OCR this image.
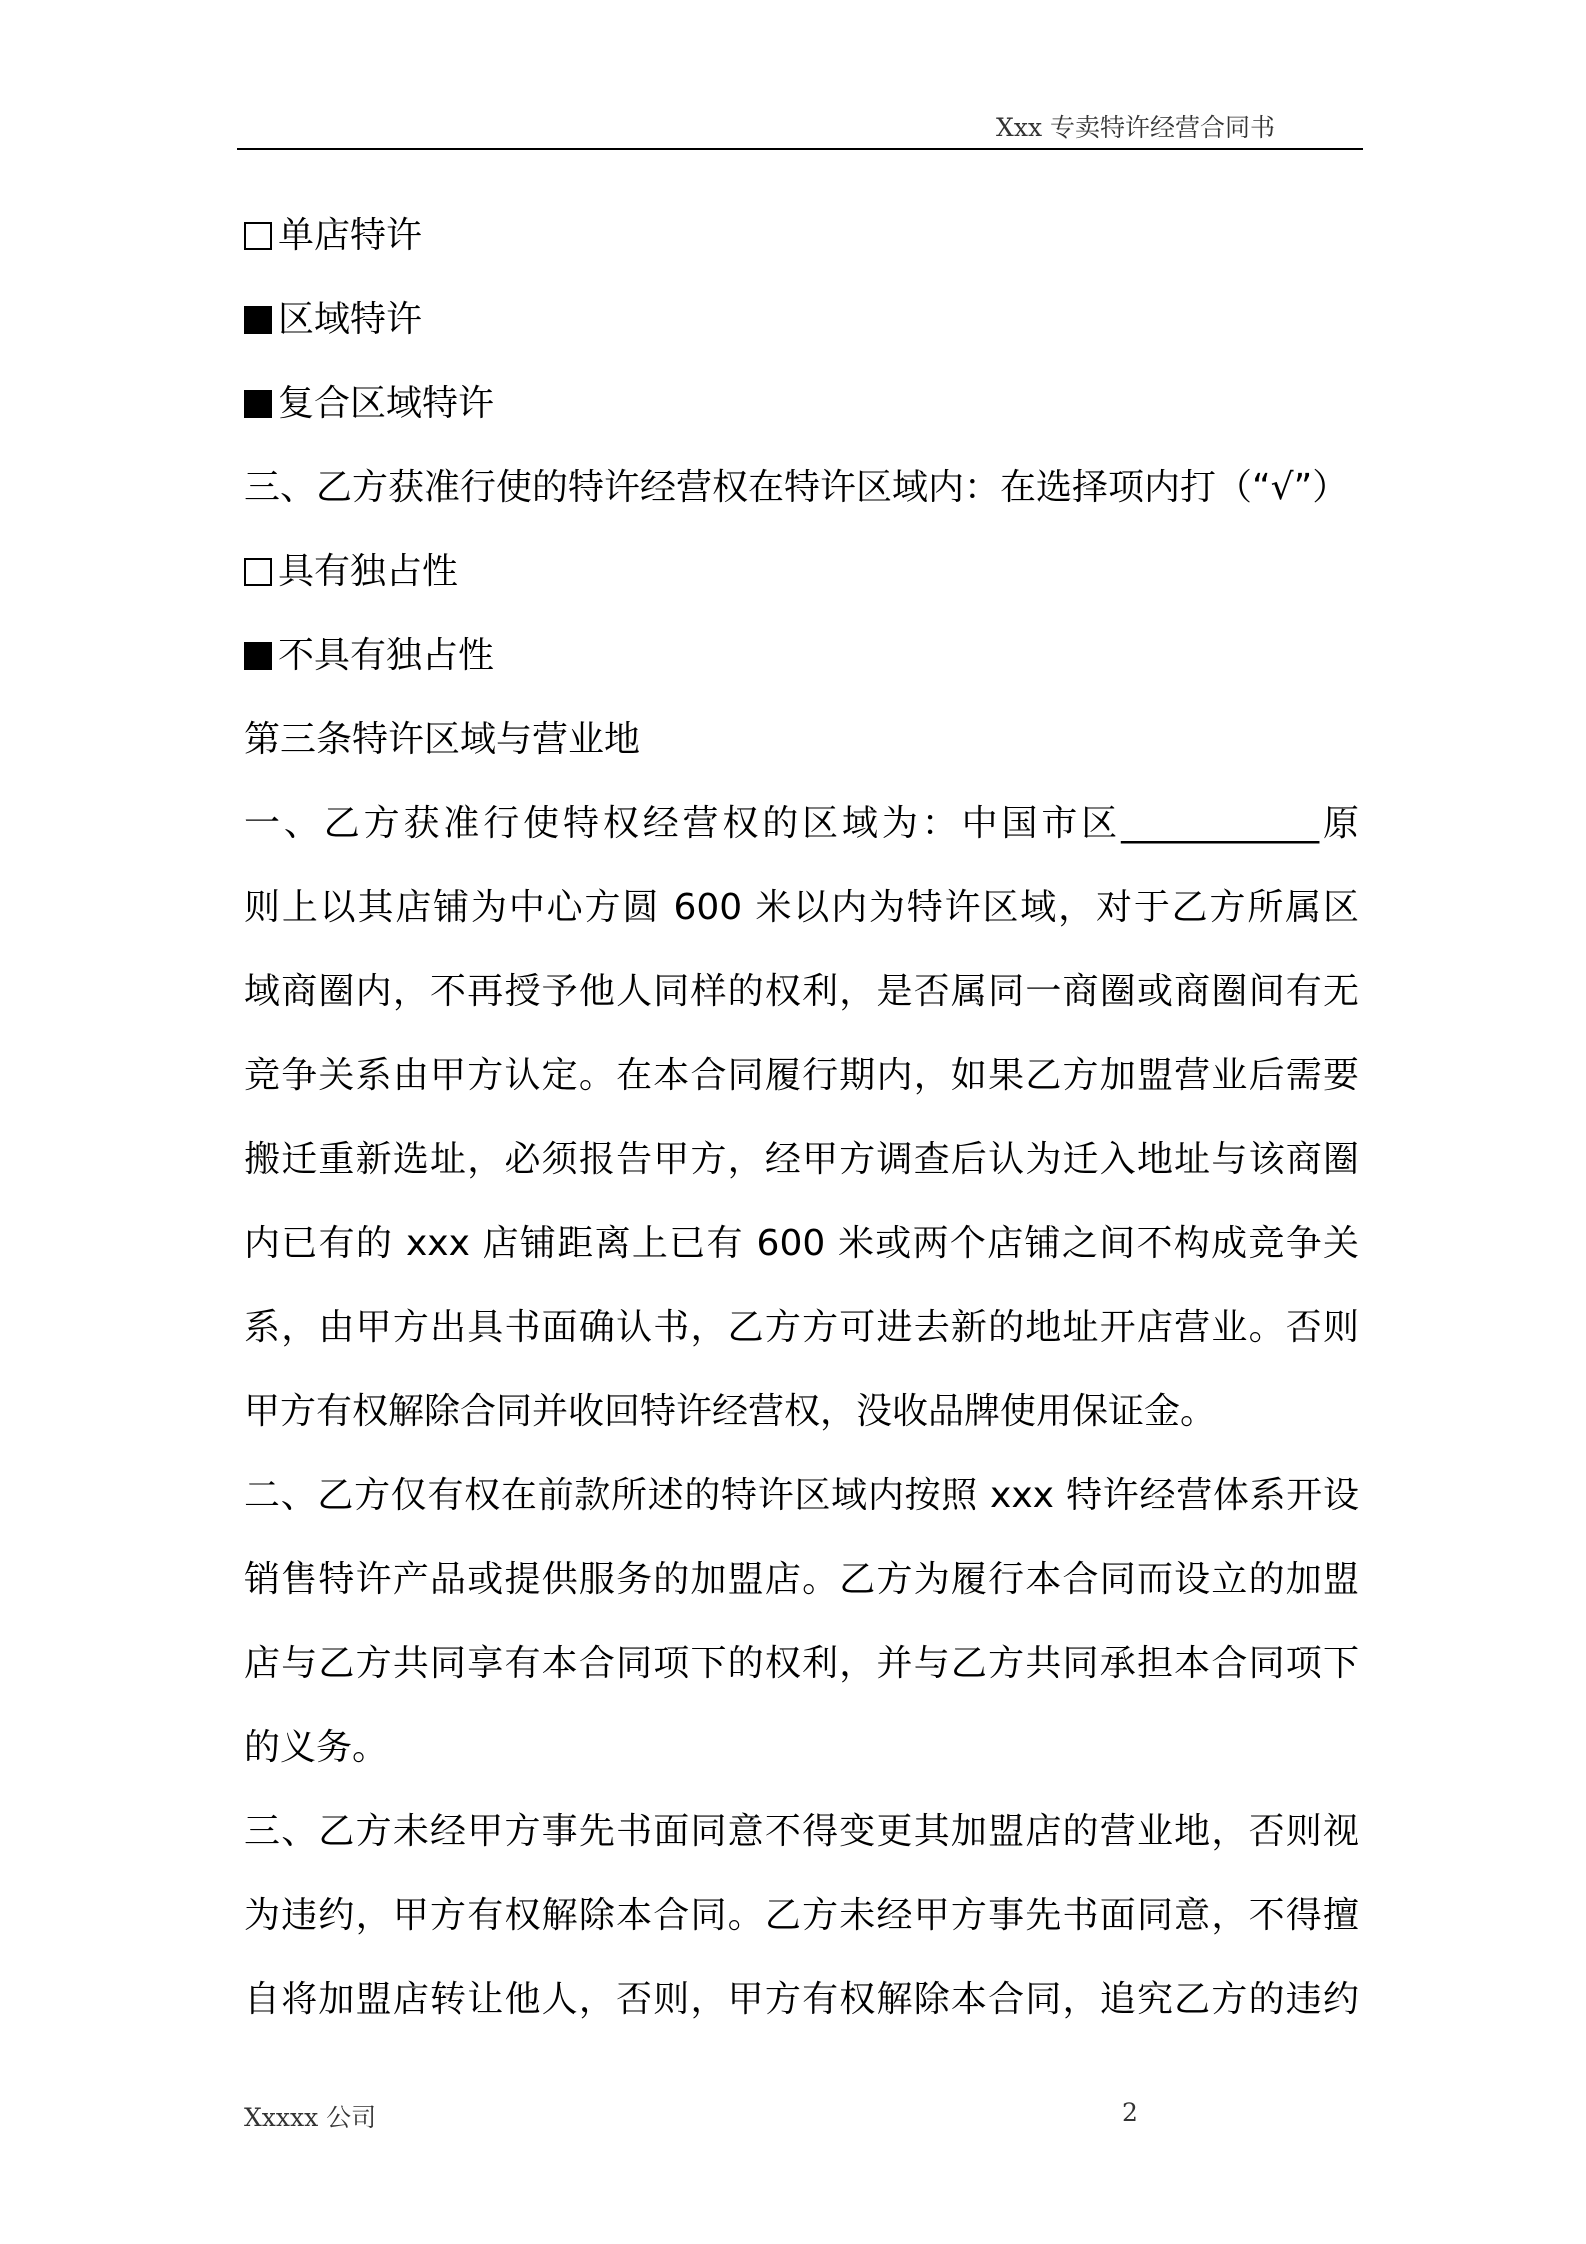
Xxx 专卖特许经营合同书
单店特许
区域特许
复合区域特许
三、乙方获准行使的特许经营权在特许区域内：在选择项内打（“√”）
具有独占性
不具有独占性
第三条特许区域与营业地
一、乙方获准行使特权经营权的区域为：中国市区___________原
则上以其店铺为中心方圆 600 米以内为特许区域，对于乙方所属区
域商圈内，不再授予他人同样的权利，是否属同一商圈或商圈间有无
竞争关系由甲方认定。在本合同履行期内，如果乙方加盟营业后需要
搬迁重新选址，必须报告甲方，经甲方调查后认为迁入地址与该商圈
内已有的 xxx 店铺距离上已有 600 米或两个店铺之间不构成竞争关
系，由甲方出具书面确认书，乙方方可进去新的地址开店营业。否则
甲方有权解除合同并收回特许经营权，没收品牌使用保证金。
二、乙方仅有权在前款所述的特许区域内按照 xxx 特许经营体系开设
销售特许产品或提供服务的加盟店。乙方为履行本合同而设立的加盟
店与乙方共同享有本合同项下的权利，并与乙方共同承担本合同项下
的义务。
三、乙方未经甲方事先书面同意不得变更其加盟店的营业地，否则视
为违约，甲方有权解除本合同。乙方未经甲方事先书面同意，不得擅
自将加盟店转让他人，否则，甲方有权解除本合同，追究乙方的违约
Xxxxx 公司	2
